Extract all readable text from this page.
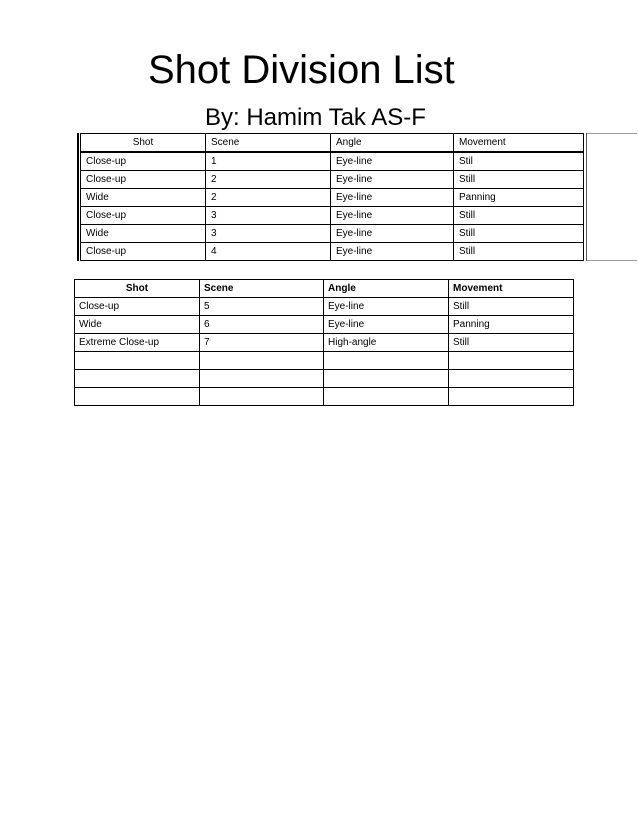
Shot Division List
By: Hamim Tak AS-F
Shot	Scene	Angle	Movement
Close-up	1	Eye-line	Stil
Close-up	2	Eye-line	Still
Wide	2	Eye-line	Panning
Close-up	3	Eye-line	Still
Wide	3	Eye-line	Still
Close-up	4	Eye-line	Still
Shot	Scene	Angle	Movement
Close-up	5	Eye-line	Still
Wide	6	Eye-line	Panning
Extreme Close-up	7	High-angle	Still
